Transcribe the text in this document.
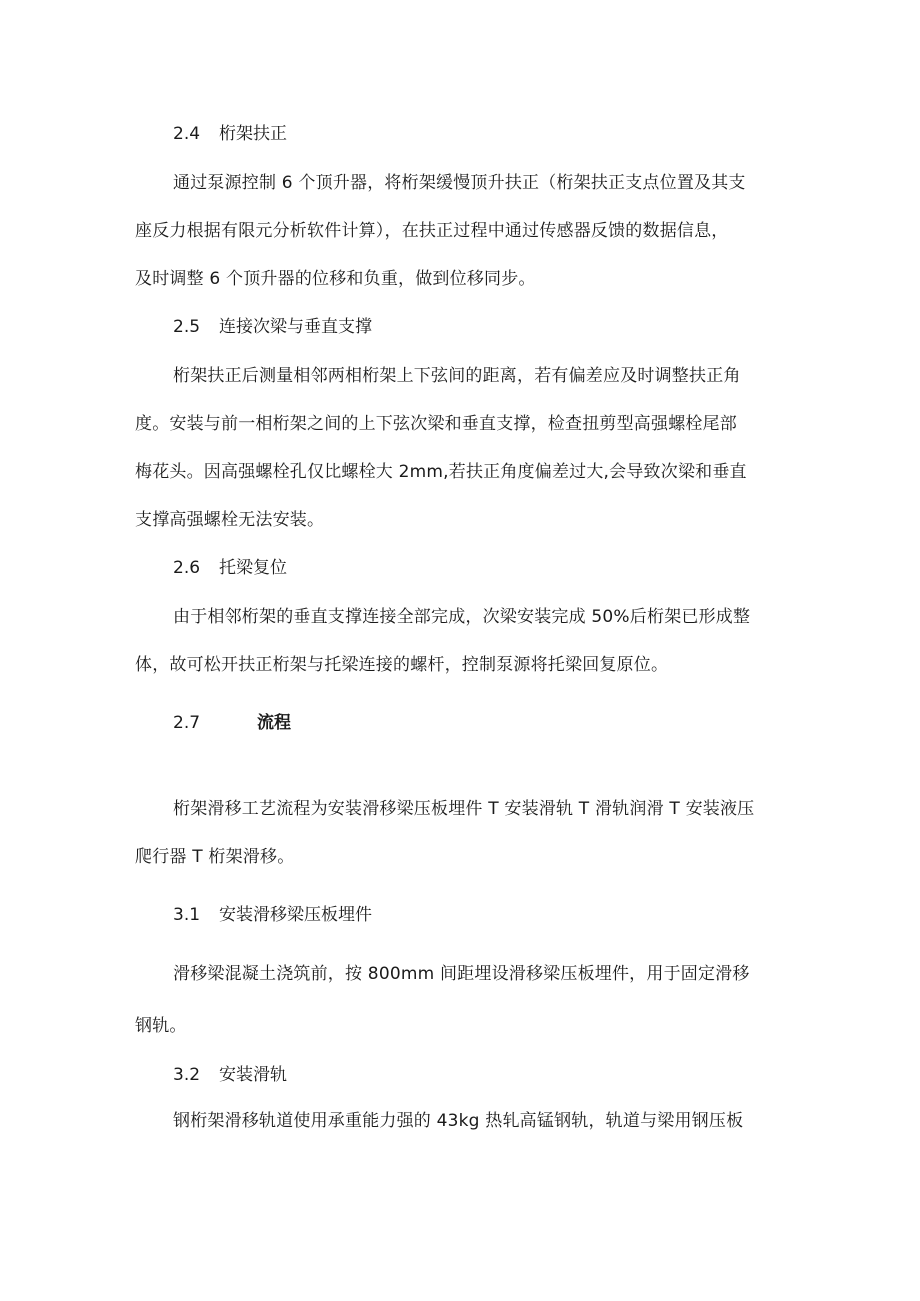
2.4 桁架扶正
通过泵源控制 6 个顶升器，将桁架缓慢顶升扶正（桁架扶正支点位置及其支
座反力根据有限元分析软件计算），在扶正过程中通过传感器反馈的数据信息，
及时调整 6 个顶升器的位移和负重，做到位移同步。
2.5 连接次梁与垂直支撑
桁架扶正后测量相邻两相桁架上下弦间的距离，若有偏差应及时调整扶正角
度。安装与前一相桁架之间的上下弦次梁和垂直支撑，检查扭剪型高强螺栓尾部
梅花头。因高强螺栓孔仅比螺栓大 2mm,若扶正角度偏差过大,会导致次梁和垂直
支撑高强螺栓无法安装。
2.6 托梁复位
由于相邻桁架的垂直支撑连接全部完成，次梁安装完成 50%后桁架已形成整
体，故可松开扶正桁架与托梁连接的螺杆，控制泵源将托梁回复原位。
2.7	流程
桁架滑移工艺流程为安装滑移梁压板埋件 T 安装滑轨 T 滑轨润滑 T 安装液压
爬行器 T 桁架滑移。
3.1 安装滑移梁压板埋件
滑移梁混凝土浇筑前，按 800mm 间距埋设滑移梁压板埋件，用于固定滑移
钢轨。
3.2 安装滑轨
钢桁架滑移轨道使用承重能力强的 43kg 热轧高锰钢轨，轨道与梁用钢压板
